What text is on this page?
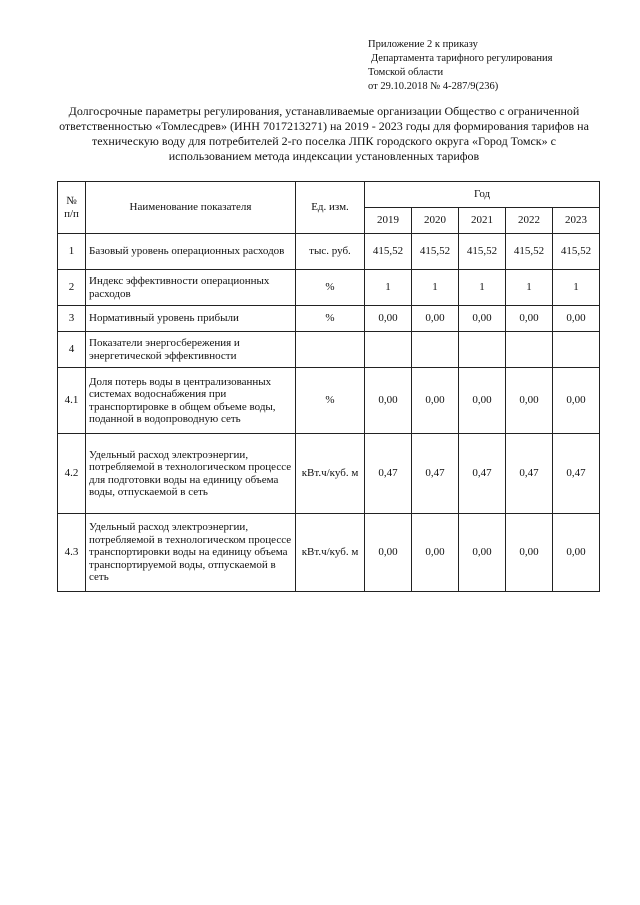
Приложение 2 к приказу
Департамента тарифного регулирования
Томской области
от 29.10.2018 № 4-287/9(236)
Долгосрочные параметры регулирования, устанавливаемые организации Общество с ограниченной ответственностью «Томлесдрев» (ИНН 7017213271) на 2019 - 2023 годы для формирования тарифов на техническую воду для потребителей 2-го поселка ЛПК городского округа «Город Томск» с использованием метода индексации установленных тарифов
№ п/п	Наименование показателя	Ед. изм.	Год				
			2019	2020	2021	2022	2023
1	Базовый уровень операционных расходов	тыс. руб.	415,52	415,52	415,52	415,52	415,52
2	Индекс эффективности операционных расходов	%	1	1	1	1	1
3	Нормативный уровень прибыли	%	0,00	0,00	0,00	0,00	0,00
4	Показатели энергосбережения и энергетической эффективности						
4.1	Доля потерь воды в централизованных системах водоснабжения при транспортировке в общем объеме воды, поданной в водопроводную сеть	%	0,00	0,00	0,00	0,00	0,00
4.2	Удельный расход электроэнергии, потребляемой в технологическом процессе для подготовки воды на единицу объема воды, отпускаемой в сеть	кВт.ч/куб. м	0,47	0,47	0,47	0,47	0,47
4.3	Удельный расход электроэнергии, потребляемой в технологическом процессе транспортировки воды на единицу объема транспортируемой воды, отпускаемой в сеть	кВт.ч/куб. м	0,00	0,00	0,00	0,00	0,00
